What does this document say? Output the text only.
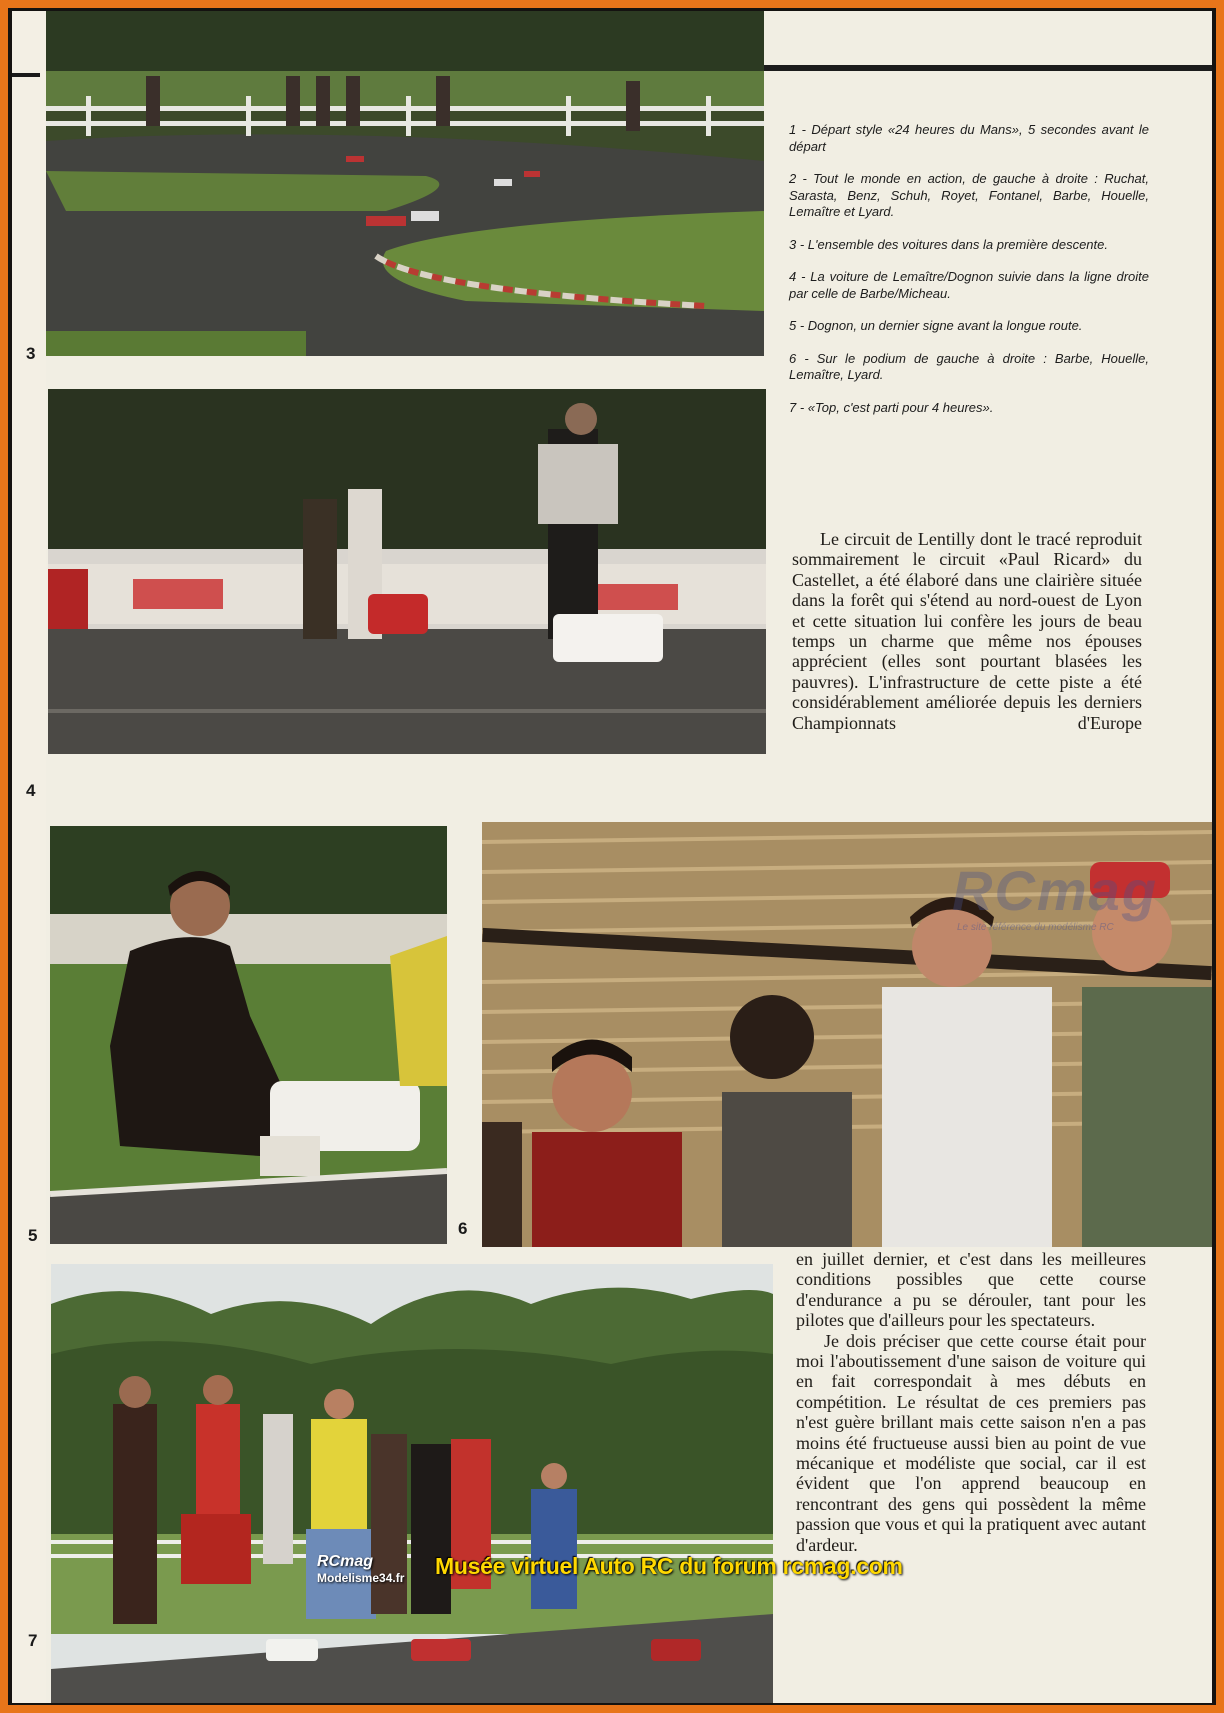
3
4
5
RCmag
Le site référence du modélisme RC
6
7

1 - Départ style «24 heures du Mans», 5 secondes avant le départ

2 - Tout le monde en action, de gauche à droite : Ruchat, Sarasta, Benz, Schuh, Royet, Fontanel, Barbe, Houelle, Lemaître et Lyard.

3 - L'ensemble des voitures dans la première descente.

4 - La voiture de Lemaître/Dognon suivie dans la ligne droite par celle de Barbe/Micheau.

5 - Dognon, un dernier signe avant la longue route.

6 - Sur le podium de gauche à droite : Barbe, Houelle, Lemaître, Lyard.

7 - «Top, c'est parti pour 4 heures».

Le circuit de Lentilly dont le tracé reproduit sommairement le circuit «Paul Ricard» du Castellet, a été élaboré dans une clairière située dans la forêt qui s'étend au nord-ouest de Lyon et cette situation lui confère les jours de beau temps un charme que même nos épouses apprécient (elles sont pourtant blasées les pauvres). L'infrastructure de cette piste a été considérablement améliorée depuis les derniers Championnats d'Europe

en juillet dernier, et c'est dans les meilleures conditions possibles que cette course d'endurance a pu se dérouler, tant pour les pilotes que d'ailleurs pour les spectateurs.

Je dois préciser que cette course était pour moi l'aboutissement d'une saison de voiture qui en fait correspondait à mes débuts en compétition. Le résultat de ces premiers pas n'est guère brillant mais cette saison n'en a pas moins été fructueuse aussi bien au point de vue mécanique et modéliste que social, car il est évident que l'on apprend beaucoup en rencontrant des gens qui possèdent la même passion que vous et qui la pratiquent avec autant d'ardeur.

RCmag
Modelisme34.fr Musée virtuel Auto RC du forum rcmag.com
